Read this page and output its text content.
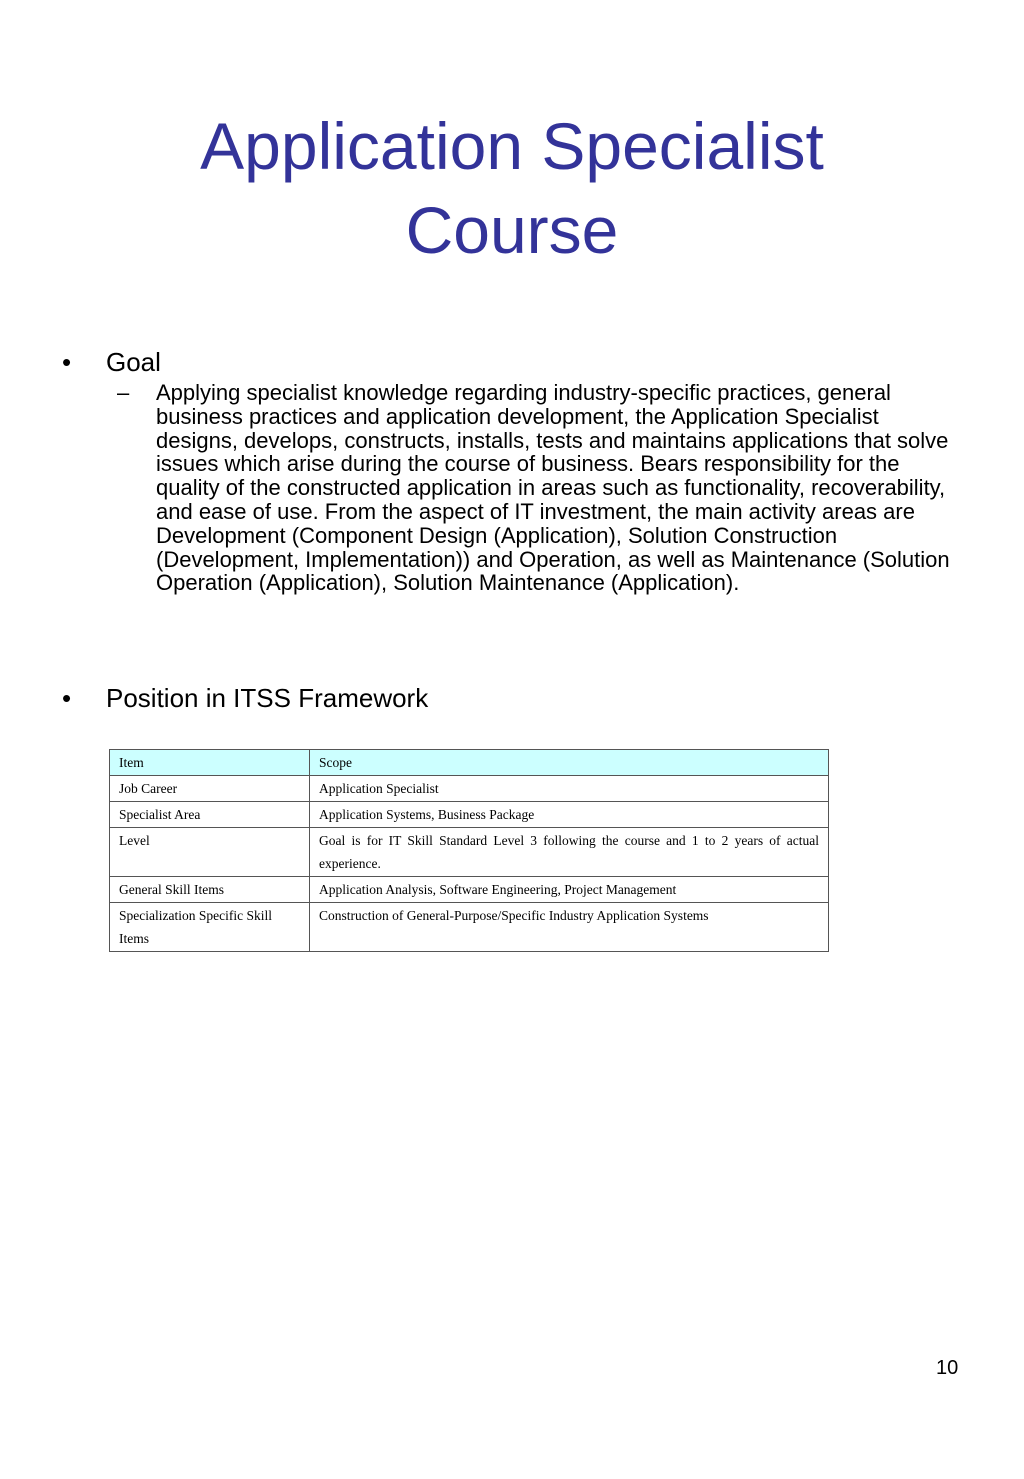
Application Specialist
Course
• Goal
– Applying specialist knowledge regarding industry-specific practices, general business practices and application development, the Application Specialist designs, develops, constructs, installs, tests and maintains applications that solve issues which arise during the course of business. Bears responsibility for the quality of the constructed application in areas such as functionality, recoverability, and ease of use. From the aspect of IT investment, the main activity areas are Development (Component Design (Application), Solution Construction (Development, Implementation)) and Operation, as well as Maintenance (Solution Operation (Application), Solution Maintenance (Application).
• Position in ITSS Framework
Item	Scope
Job Career	Application Specialist
Specialist Area	Application Systems, Business Package
Level	Goal is for IT Skill Standard Level 3 following the course and 1 to 2 years of actual experience.
General Skill Items	Application Analysis, Software Engineering, Project Management
Specialization Specific Skill Items	Construction of General-Purpose/Specific Industry Application Systems
10
